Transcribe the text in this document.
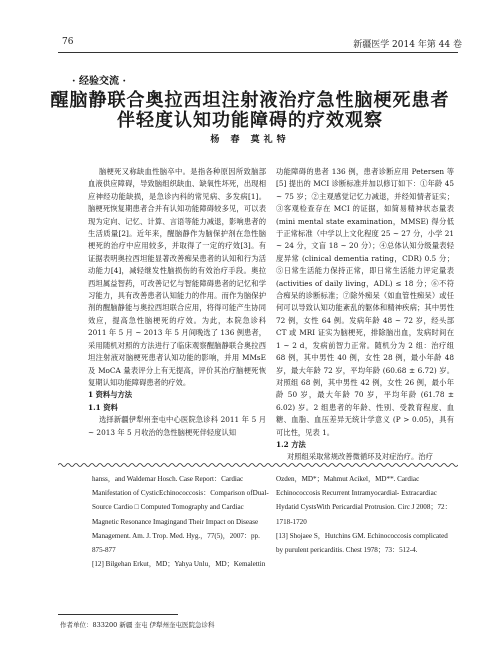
76	新疆医学 2014 年第 44 卷
· 经验交流 ·
醒脑静联合奥拉西坦注射液治疗急性脑梗死患者
伴轻度认知功能障碍的疗效观察
杨 春 莫礼特

脑梗死又称缺血性脑卒中。是指各种原因所致脑部血液供应障碍，导致脑组织缺血、缺氧性坏死，出现相应神经功能缺损，是急诊内科的常见病、多发病[1]。脑梗死恢复期患者合并有认知功能障碍较多见，可以表现为定向、记忆、计算、言语等能力减退，影响患者的生活质量[2]。近年来，醒脑静作为脑保护剂在急性脑梗死的治疗中应用较多，并取得了一定的疗效[3]。有证据表明奥拉西坦能显著改善痴呆患者的认知和行为活动能力[4]，减轻继发性脑损伤的有效治疗手段。奥拉西坦属益智药，可改善记忆与智能障碍患者的记忆和学习能力，具有改善患者认知能力的作用。而作为脑保护剂的醒脑静能与奥拉西坦联合应用，将得可能产生协同效应，提高急性脑梗死的疗效。为此，本院急诊科 2011 年 5 月 ~ 2013 年 5 月间晚选了 136 例患者，采用随机对照的方法进行了临床观察醒脑静联合奥拉西坦注射液对脑梗死患者认知功能的影响，并用 MMsE 及 MoCA 量表评分上有无提高，评价其治疗脑梗死恢复期认知功能障碍患者的疗效。

1 资料与方法

1.1 资料

选择新疆伊犁州奎屯中心医院急诊科 2011 年 5 月 ~ 2013 年 5 月收治的急性脑梗死伴轻度认知

功能障碍的患者 136 例，患者诊断应用 Petersen 等[5] 提出的 MCI 诊断标准并加以修订如下：①年龄 45 ~ 75 岁；②主观感觉记忆力减退，并经知情者证实；③客观检查存在 MCI 的证据，如简易精神状态量表 (mini mental state examination，MMSE) 得分低于正常标准（中学以上文化程度 25 ~ 27 分，小学 21 ~ 24 分，文盲 18 ~ 20 分）；④总体认知分级量表轻度异常 (clinical dementia rating，CDR) 0.5 分；⑤日常生活能力保持正常，即日常生活能力评定量表 (activities of daily living，ADL) ≤ 18 分；⑥不符合痴呆的诊断标准；⑦除外痴呆（如血管性痴呆）或任何可以导致认知功能紊乱的躯体和精神疾病；其中男性 72 例，女性 64 例。发病年龄 48 ~ 72 岁，经头部 CT 或 MRI 证实为脑梗死，排除脑出血，发病时间在 1 ~ 2 d，发病前智力正常。随机分为 2 组：治疗组 68 例，其中男性 40 例，女性 28 例，最小年龄 48 岁，最大年龄 72 岁，平均年龄 (60.68 ± 6.72) 岁。对照组 68 例，其中男性 42 例，女性 26 例，最小年龄 50 岁，最大年龄 70 岁，平均年龄 (61.78 ± 6.02) 岁。2 组患者的年龄、性别、受教育程度、血糖、血脂、血压差异无统计学意义 (P > 0.05)，具有可比性，见表 1。

1.2 方法

对照组采取常规改善微循环及对症治疗。治疗

hanss，and Waldemar Hosch. Case Report：Cardiac Manifestation of CysticEchinococcosis：Comparison ofDual-Source Cardio □ Computed Tomography and Cardiac Magnetic Resonance Imagingand Their Impact on Disease Management. Am. J. Trop. Med. Hyg.，77(5)，2007：pp. 875-877

[12] Bilgehan Erkut，MD；Yahya Unlu，MD；Kemalettin

Ozden，MD*；Mahmut Acikel，MD**. Cardiac Echinococcosis Recurrent Intramyocardial- Extracardiac Hydatid CystsWith Pericardial Protrusion. Circ J 2008；72：1718-1720

[13] Shojaee S，Hutchins GM. Echinococcosis complicated by purulent pericarditis. Chest 1978；73：512-4.

作者单位：833200 新疆 奎屯 伊犁州奎屯医院急诊科
